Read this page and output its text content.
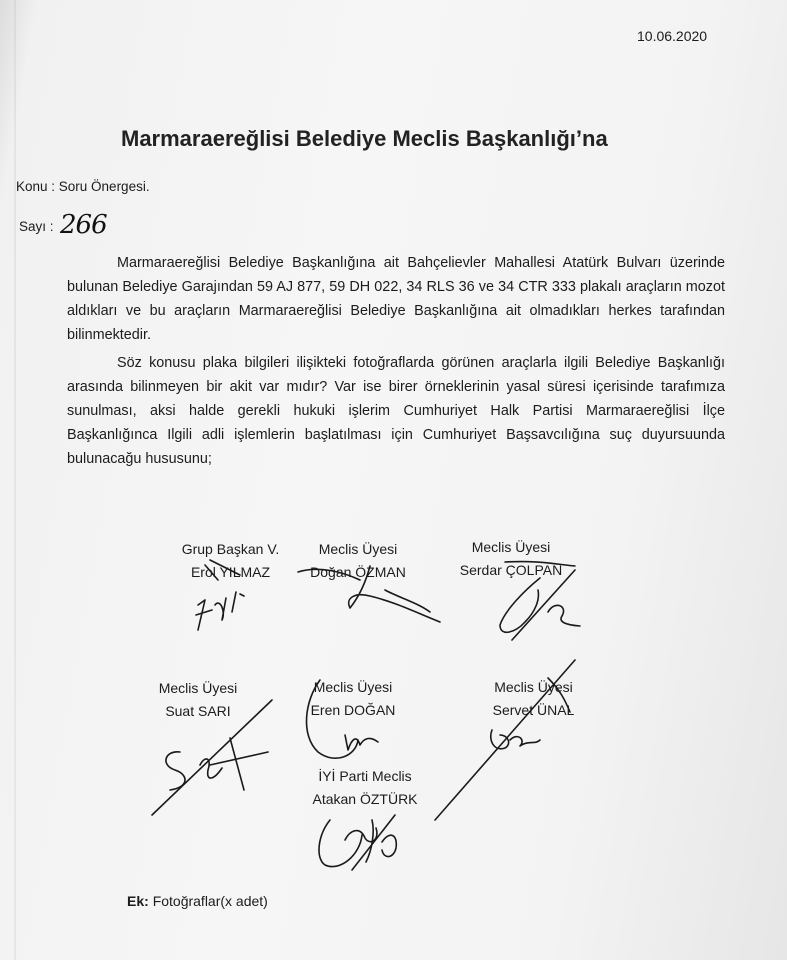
10.06.2020
Marmaraereğlisi Belediye Meclis Başkanlığı’na
Konu : Soru Önergesi.
Sayı : 266
Marmaraereğlisi Belediye Başkanlığına ait Bahçelievler Mahallesi Atatürk Bulvarı üzerinde bulunan Belediye Garajından 59 AJ 877, 59 DH 022, 34 RLS 36 ve 34 CTR 333 plakalı araçların mozot aldıkları ve bu araçların Marmaraereğlisi Belediye Başkanlığına ait olmadıkları herkes tarafından bilinmektedir.
Söz konusu plaka bilgileri ilişikteki fotoğraflarda görünen araçlarla ilgili Belediye Başkanlığı arasında bilinmeyen bir akit var mıdır? Var ise birer örneklerinin yasal süresi içerisinde tarafımıza sunulması, aksi halde gerekli hukuki işlerim Cumhuriyet Halk Partisi Marmaraereğlisi İlçe Başkanlığınca Ilgili adli işlemlerin başlatılması için Cumhuriyet Başsavcılığına suç duyursuunda bulunacağu hususunu;
Grup Başkan V.
Erol YILMAZ
Meclis Üyesi
Doğan ÖZMAN
Meclis Üyesi
Serdar ÇOLPAN
Meclis Üyesi
Suat SARI
Meclis Üyesi
Eren DOĞAN
Meclis Üyesi
Servet ÜNAL
İYİ Parti Meclis
Atakan ÖZTÜRK
Ek: Fotoğraflar(x adet)
